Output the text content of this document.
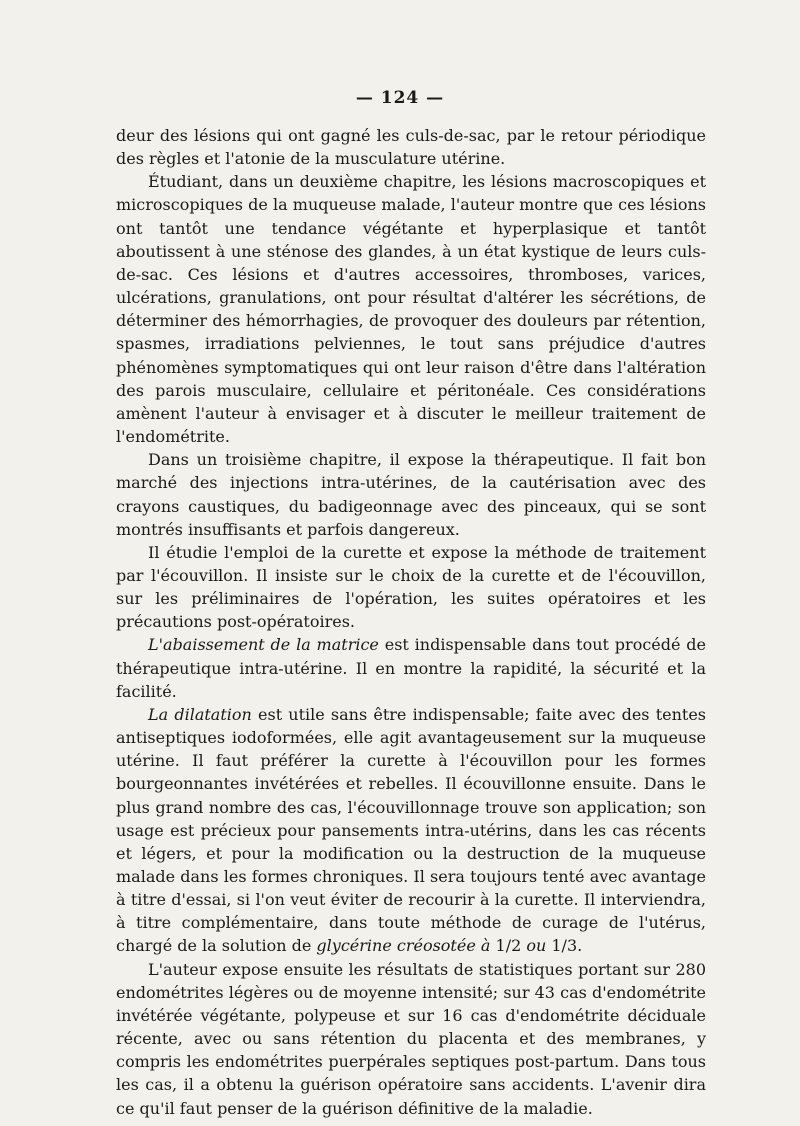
— 124 —

deur des lésions qui ont gagné les culs-de-sac, par le retour périodique des règles et l'atonie de la musculature utérine.

Étudiant, dans un deuxième chapitre, les lésions macroscopiques et microscopiques de la muqueuse malade, l'auteur montre que ces lésions ont tantôt une tendance végétante et hyperplasique et tantôt aboutissent à une sténose des glandes, à un état kystique de leurs culs-de-sac. Ces lésions et d'autres accessoires, thromboses, varices, ulcérations, granulations, ont pour résultat d'altérer les sécrétions, de déterminer des hémorrhagies, de provoquer des douleurs par rétention, spasmes, irradiations pelviennes, le tout sans préjudice d'autres phénomènes symptomatiques qui ont leur raison d'être dans l'altération des parois musculaire, cellulaire et péritonéale. Ces considérations amènent l'auteur à envisager et à discuter le meilleur traitement de l'endométrite.

Dans un troisième chapitre, il expose la thérapeutique. Il fait bon marché des injections intra-utérines, de la cautérisation avec des crayons caustiques, du badigeonnage avec des pinceaux, qui se sont montrés insuffisants et parfois dangereux.

Il étudie l'emploi de la curette et expose la méthode de traitement par l'écouvillon. Il insiste sur le choix de la curette et de l'écouvillon, sur les préliminaires de l'opération, les suites opératoires et les précautions post-opératoires.

L'abaissement de la matrice est indispensable dans tout procédé de thérapeutique intra-utérine. Il en montre la rapidité, la sécurité et la facilité.

La dilatation est utile sans être indispensable; faite avec des tentes antiseptiques iodoformées, elle agit avantageusement sur la muqueuse utérine. Il faut préférer la curette à l'écouvillon pour les formes bourgeonnantes invétérées et rebelles. Il écouvillonne ensuite. Dans le plus grand nombre des cas, l'écouvillonnage trouve son application; son usage est précieux pour pansements intra-utérins, dans les cas récents et légers, et pour la modification ou la destruction de la muqueuse malade dans les formes chroniques. Il sera toujours tenté avec avantage à titre d'essai, si l'on veut éviter de recourir à la curette. Il interviendra, à titre complémentaire, dans toute méthode de curage de l'utérus, chargé de la solution de glycérine créosotée à 1/2 ou 1/3.

L'auteur expose ensuite les résultats de statistiques portant sur 280 endométrites légères ou de moyenne intensité; sur 43 cas d'endométrite invétérée végétante, polypeuse et sur 16 cas d'endométrite déciduale récente, avec ou sans rétention du placenta et des membranes, y compris les endométrites puerpérales septiques post-partum. Dans tous les cas, il a obtenu la guérison opératoire sans accidents. L'avenir dira ce qu'il faut penser de la guérison définitive de la maladie.
